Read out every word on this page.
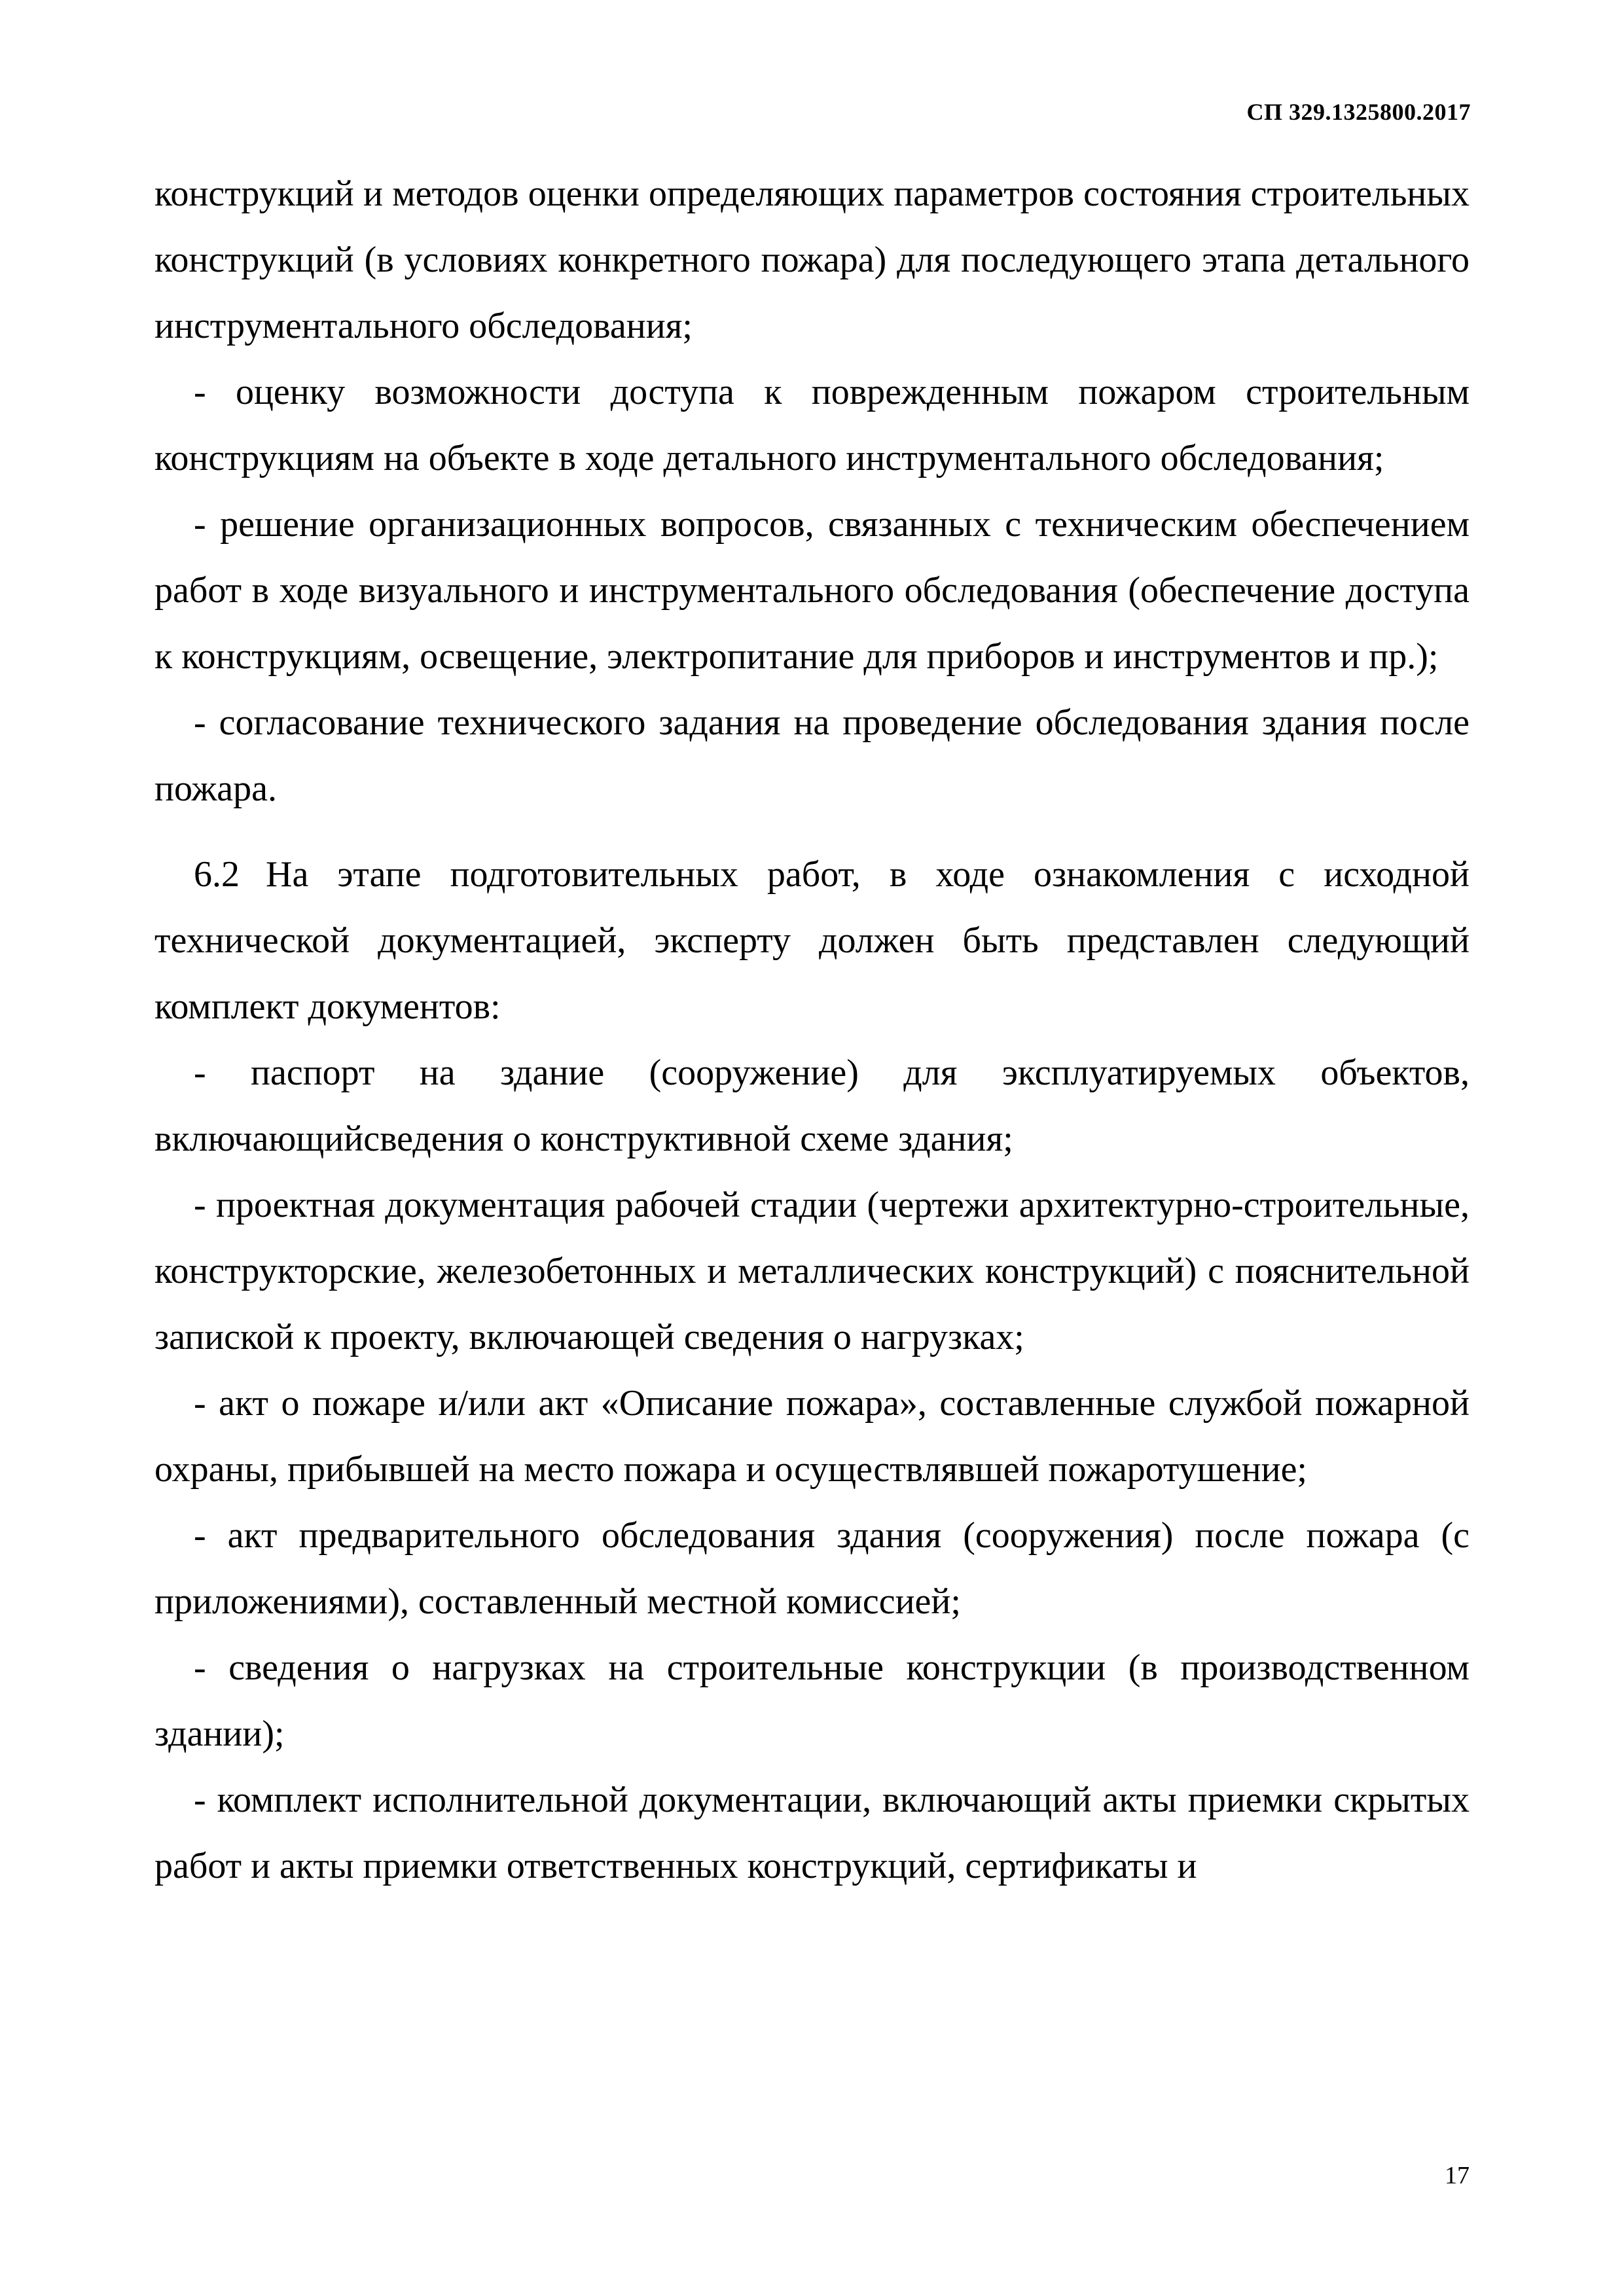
СП 329.1325800.2017

конструкций и методов оценки определяющих параметров состояния строительных конструкций (в условиях конкретного пожара) для последующего этапа детального инструментального обследования;

- оценку возможности доступа к поврежденным пожаром строительным конструкциям на объекте в ходе детального инструментального обследования;

- решение организационных вопросов, связанных с техническим обеспечением работ в ходе визуального и инструментального обследования (обеспечение доступа к конструкциям, освещение, электропитание для приборов и инструментов и пр.);

- согласование технического задания на проведение обследования здания после пожара.

6.2 На этапе подготовительных работ, в ходе ознакомления с исходной технической документацией, эксперту должен быть представлен следующий комплект документов:

- паспорт на здание (сооружение) для эксплуатируемых объектов, включающийсведения о конструктивной схеме здания;

- проектная документация рабочей стадии (чертежи архитектурно-строительные, конструкторские, железобетонных и металлических конструкций) с пояснительной запиской к проекту, включающей сведения о нагрузках;

- акт о пожаре и/или акт «Описание пожара», составленные службой пожарной охраны, прибывшей на место пожара и осуществлявшей пожаротушение;

- акт предварительного обследования здания (сооружения) после пожара (с приложениями), составленный местной комиссией;

- сведения о нагрузках на строительные конструкции (в производственном здании);

- комплект исполнительной документации, включающий акты приемки скрытых работ и акты приемки ответственных конструкций, сертификаты и

17
